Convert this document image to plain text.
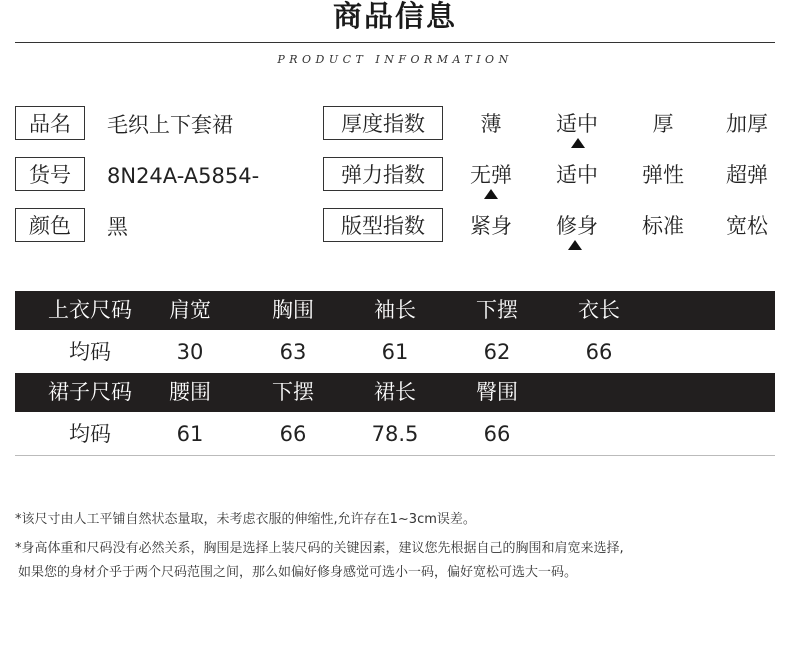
商品信息
PRODUCT INFORMATION
品名	毛织上下套裙
货号	8N24A-A5854-
颜色	黑
厚度指数	薄	适中	厚	加厚
弹力指数	无弹	适中	弹性	超弹
版型指数	紧身	修身	标准	宽松
上衣尺码	肩宽	胸围	袖长	下摆	衣长
均码	30	63	61	62	66
裙子尺码	腰围	下摆	裙长	臀围
均码	61	66	78.5	66
*该尺寸由人工平铺自然状态量取，未考虑衣服的伸缩性,允许存在1~3cm误差。
*身高体重和尺码没有必然关系，胸围是选择上装尺码的关键因素，建议您先根据自己的胸围和肩宽来选择,
如果您的身材介乎于两个尺码范围之间，那么如偏好修身感觉可选小一码，偏好宽松可选大一码。
